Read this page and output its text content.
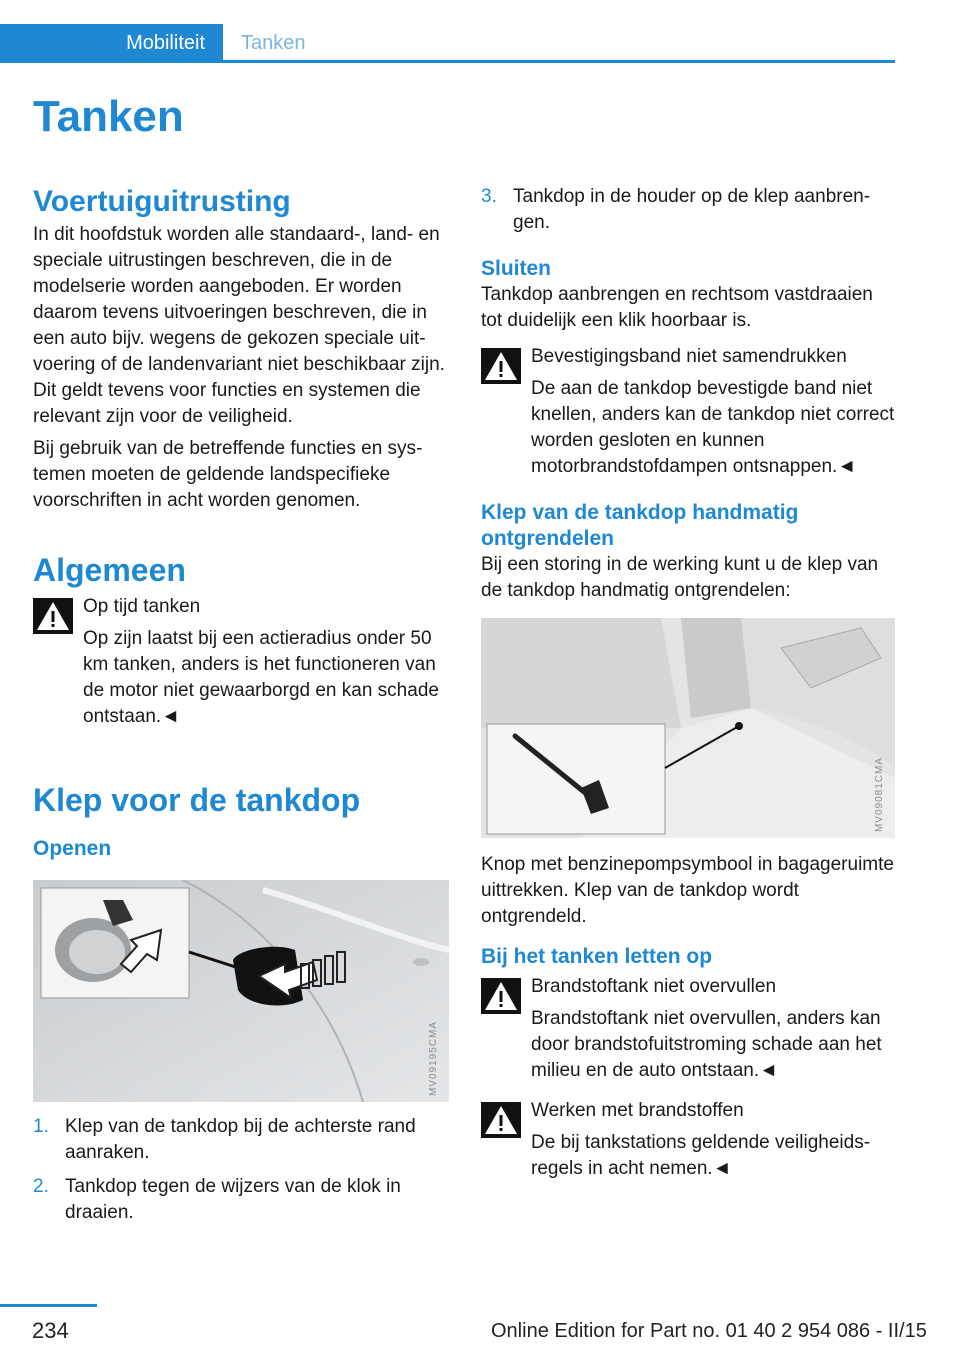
Mobiliteit	Tanken
Tanken
Voertuiguitrusting

In dit hoofdstuk worden alle standaard-, land- en speciale uitrustingen beschreven, die in de modelserie worden aangeboden. Er worden daarom tevens uitvoeringen beschreven, die in een auto bijv. wegens de gekozen speciale uitvoering of de landenvariant niet beschikbaar zijn. Dit geldt tevens voor functies en systemen die relevant zijn voor de veiligheid.

Bij gebruik van de betreffende functies en systemen moeten de geldende landspecifieke voorschriften in acht worden genomen.

Algemeen

Op tijd tanken

Op zijn laatst bij een actieradius onder 50 km tanken, anders is het functioneren van de motor niet gewaarborgd en kan schade ontstaan.◄

Klep voor de tankdop
Openen
MV09195CMA
1. Klep van de tankdop bij de achterste rand aanraken.
2. Tankdop tegen de wijzers van de klok in draaien.
3. Tankdop in de houder op de klep aanbrengen.
Sluiten

Tankdop aanbrengen en rechtsom vastdraaien tot duidelijk een klik hoorbaar is.

Bevestigingsband niet samendrukken

De aan de tankdop bevestigde band niet knellen, anders kan de tankdop niet correct worden gesloten en kunnen motorbrandstofdampen ontsnappen.◄

Klep van de tankdop handmatig ontgrendelen

Bij een storing in de werking kunt u de klep van de tankdop handmatig ontgrendelen:

MV09081CMA

Knop met benzinepompsymbool in bagageruimte uittrekken. Klep van de tankdop wordt ontgrendeld.

Bij het tanken letten op

Brandstoftank niet overvullen

Brandstoftank niet overvullen, anders kan door brandstofuitstroming schade aan het milieu en de auto ontstaan.◄

Werken met brandstoffen

De bij tankstations geldende veiligheidsregels in acht nemen.◄

234	Online Edition for Part no. 01 40 2 954 086 - II/15
